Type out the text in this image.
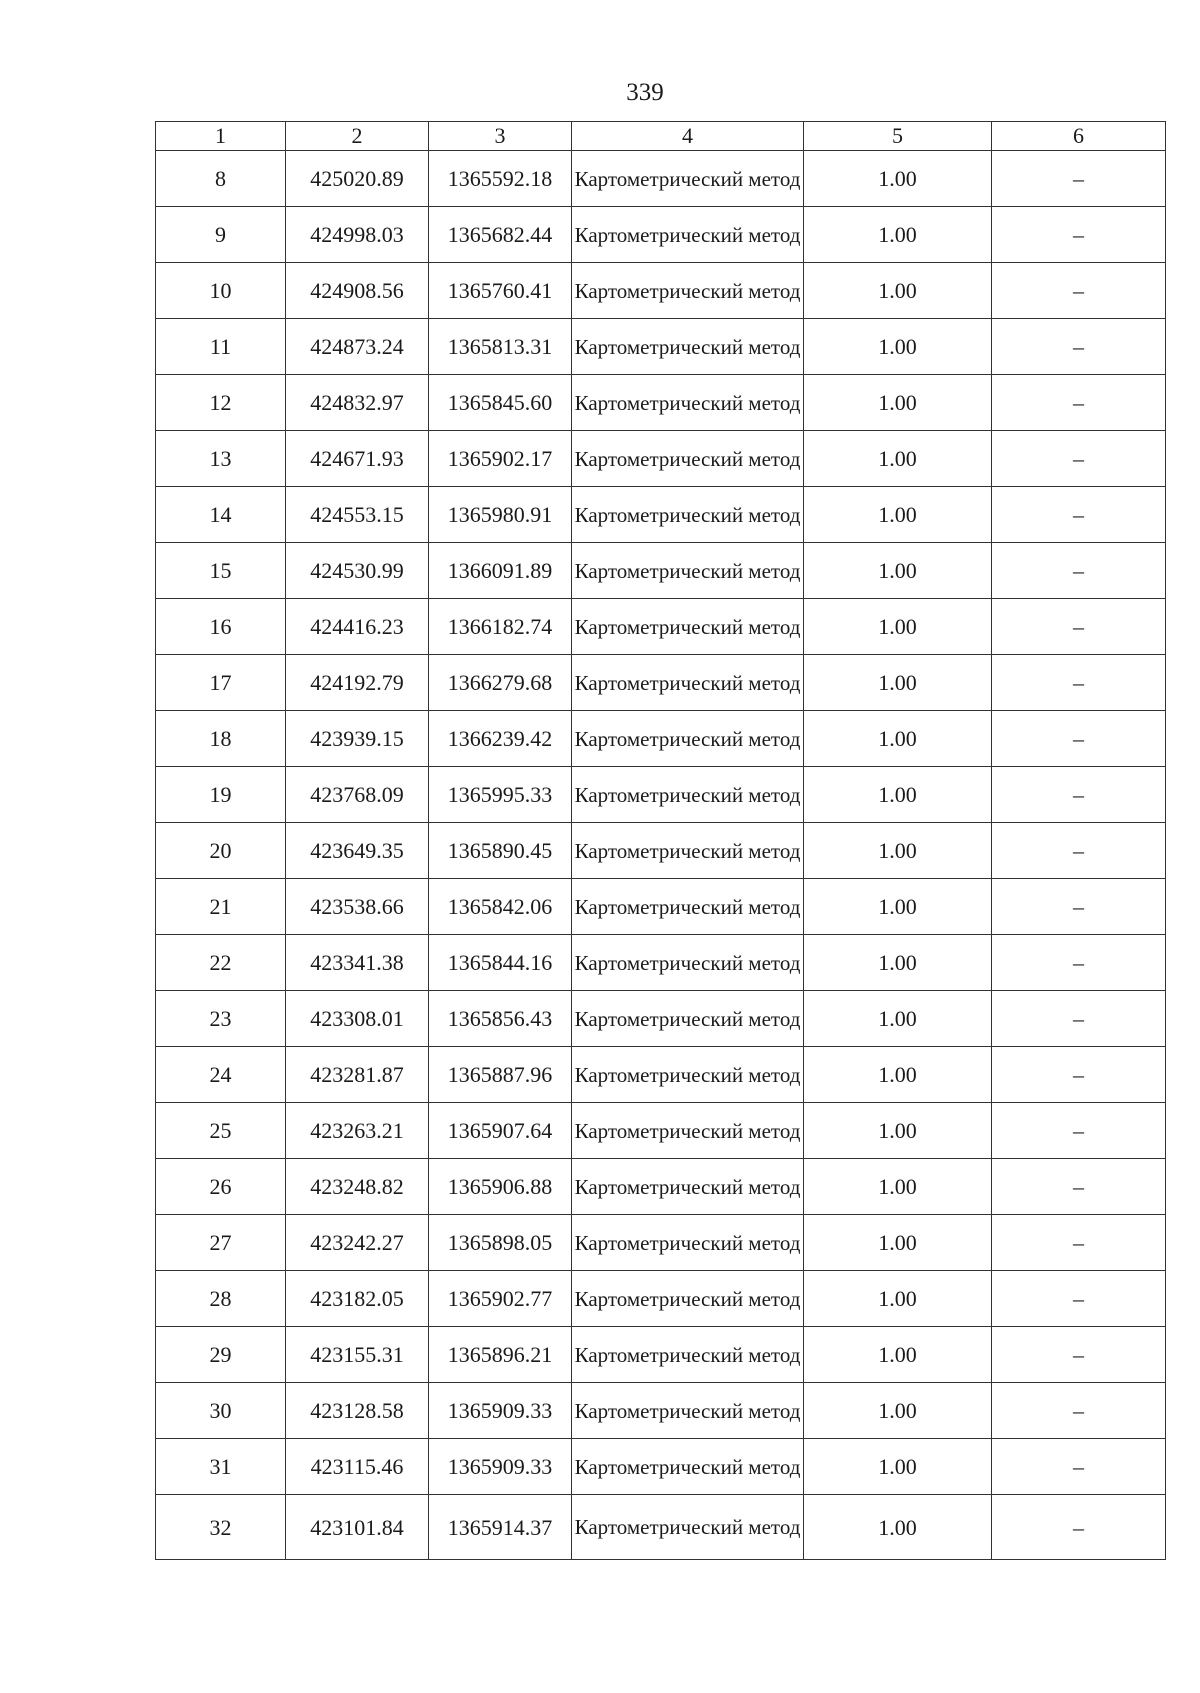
339
1	2	3	4	5	6
8	425020.89	1365592.18	Картометрический метод	1.00	–
9	424998.03	1365682.44	Картометрический метод	1.00	–
10	424908.56	1365760.41	Картометрический метод	1.00	–
11	424873.24	1365813.31	Картометрический метод	1.00	–
12	424832.97	1365845.60	Картометрический метод	1.00	–
13	424671.93	1365902.17	Картометрический метод	1.00	–
14	424553.15	1365980.91	Картометрический метод	1.00	–
15	424530.99	1366091.89	Картометрический метод	1.00	–
16	424416.23	1366182.74	Картометрический метод	1.00	–
17	424192.79	1366279.68	Картометрический метод	1.00	–
18	423939.15	1366239.42	Картометрический метод	1.00	–
19	423768.09	1365995.33	Картометрический метод	1.00	–
20	423649.35	1365890.45	Картометрический метод	1.00	–
21	423538.66	1365842.06	Картометрический метод	1.00	–
22	423341.38	1365844.16	Картометрический метод	1.00	–
23	423308.01	1365856.43	Картометрический метод	1.00	–
24	423281.87	1365887.96	Картометрический метод	1.00	–
25	423263.21	1365907.64	Картометрический метод	1.00	–
26	423248.82	1365906.88	Картометрический метод	1.00	–
27	423242.27	1365898.05	Картометрический метод	1.00	–
28	423182.05	1365902.77	Картометрический метод	1.00	–
29	423155.31	1365896.21	Картометрический метод	1.00	–
30	423128.58	1365909.33	Картометрический метод	1.00	–
31	423115.46	1365909.33	Картометрический метод	1.00	–
32	423101.84	1365914.37	Картометрический метод	1.00	–
